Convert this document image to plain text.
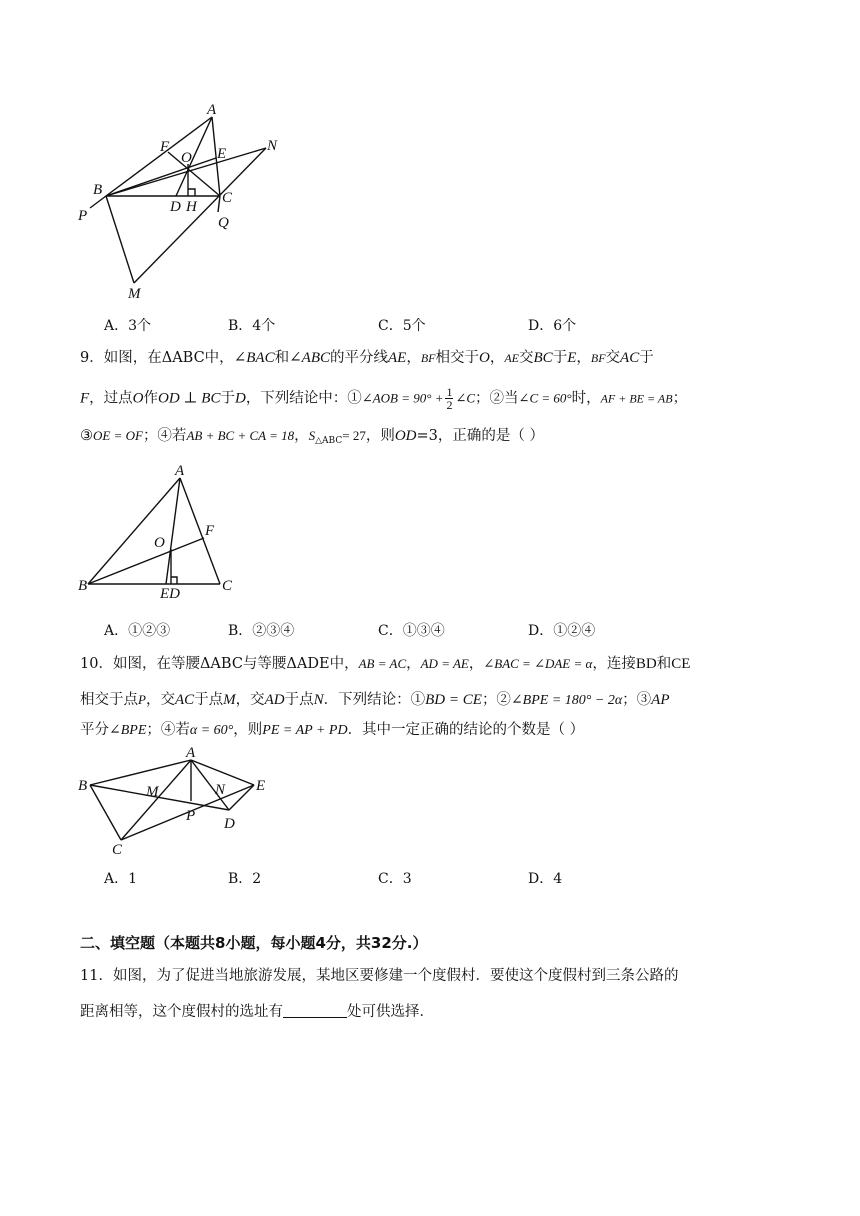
A
F
O E	N
B
P
D H
C
Q
M
A．3个	B．4个	C．5个	D．6个
9．如图，在ΔABC中，∠BAC和∠ABC的平分线AE，BF相交于O，AE交BC于E，BF交AC于
F，过点O作OD ⊥ BC于D，下列结论中：①∠AOB = $90^\circ + \frac{1}{2}$ ∠C；②当∠C = 60°时，AF + BE = AB；
③OE = OF；④若AB + BC + CA = 18，$S_{\triangle ABC}= 27$，则OD=3，正确的是（ ）
A
O
F
B	ED	C
A．①②③	B．②③④	C．①③④	D．①②④
10．如图，在等腰ΔABC与等腰ΔADE中，AB = AC，AD = AE，∠BAC = ∠DAE = α，连接BD和CE
相交于点P，交AC于点M，交AD于点N．下列结论：①BD = CE；②∠BPE = 180° − 2α；③AP
平分∠BPE；④若α = 60°，则PE = AP + PD．其中一定正确的结论的个数是（ ）
A
B	M	N E
P D
C
A．1	B．2	C．3	D．4
二、填空题（本题共8小题，每小题4分，共32分.）
11．如图，为了促进当地旅游发展，某地区要修建一个度假村．要使这个度假村到三条公路的
距离相等，这个度假村的选址有	处可供选择．
